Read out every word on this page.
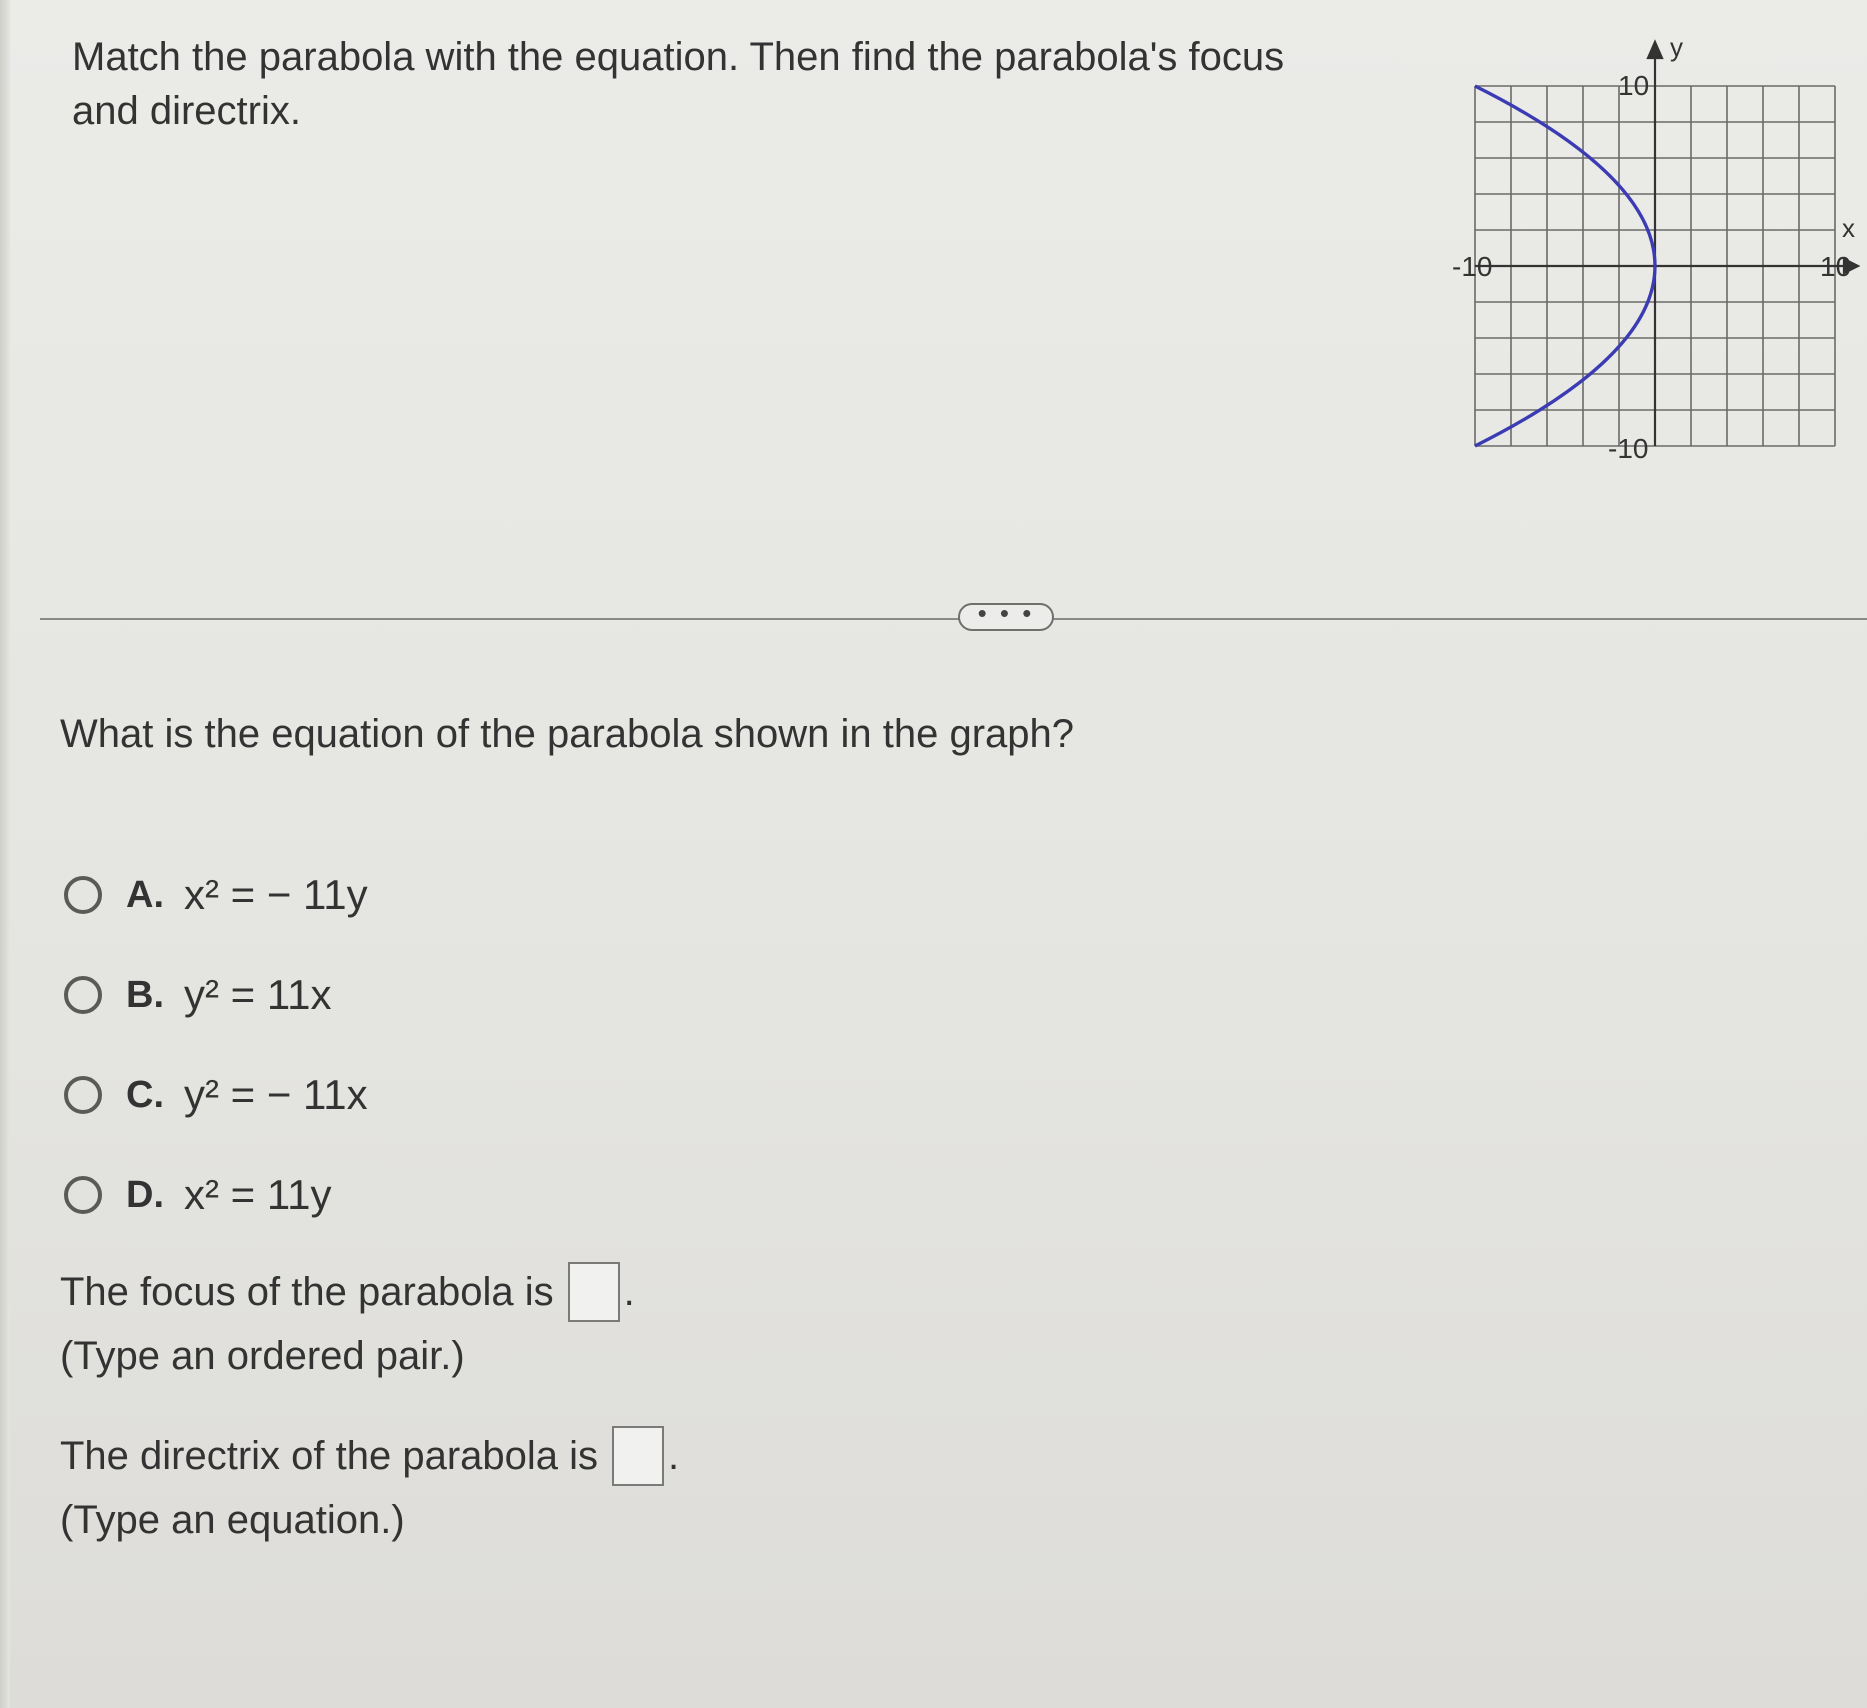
Match the parabola with the equation. Then find the parabola's focus and directrix.
y
x
10
-10
-10	10
• • •
What is the equation of the parabola shown in the graph?
A. x² = − 11y
B. y² = 11x
C. y² = − 11x
D. x² = 11y
The focus of the parabola is .
(Type an ordered pair.)
The directrix of the parabola is .
(Type an equation.)
